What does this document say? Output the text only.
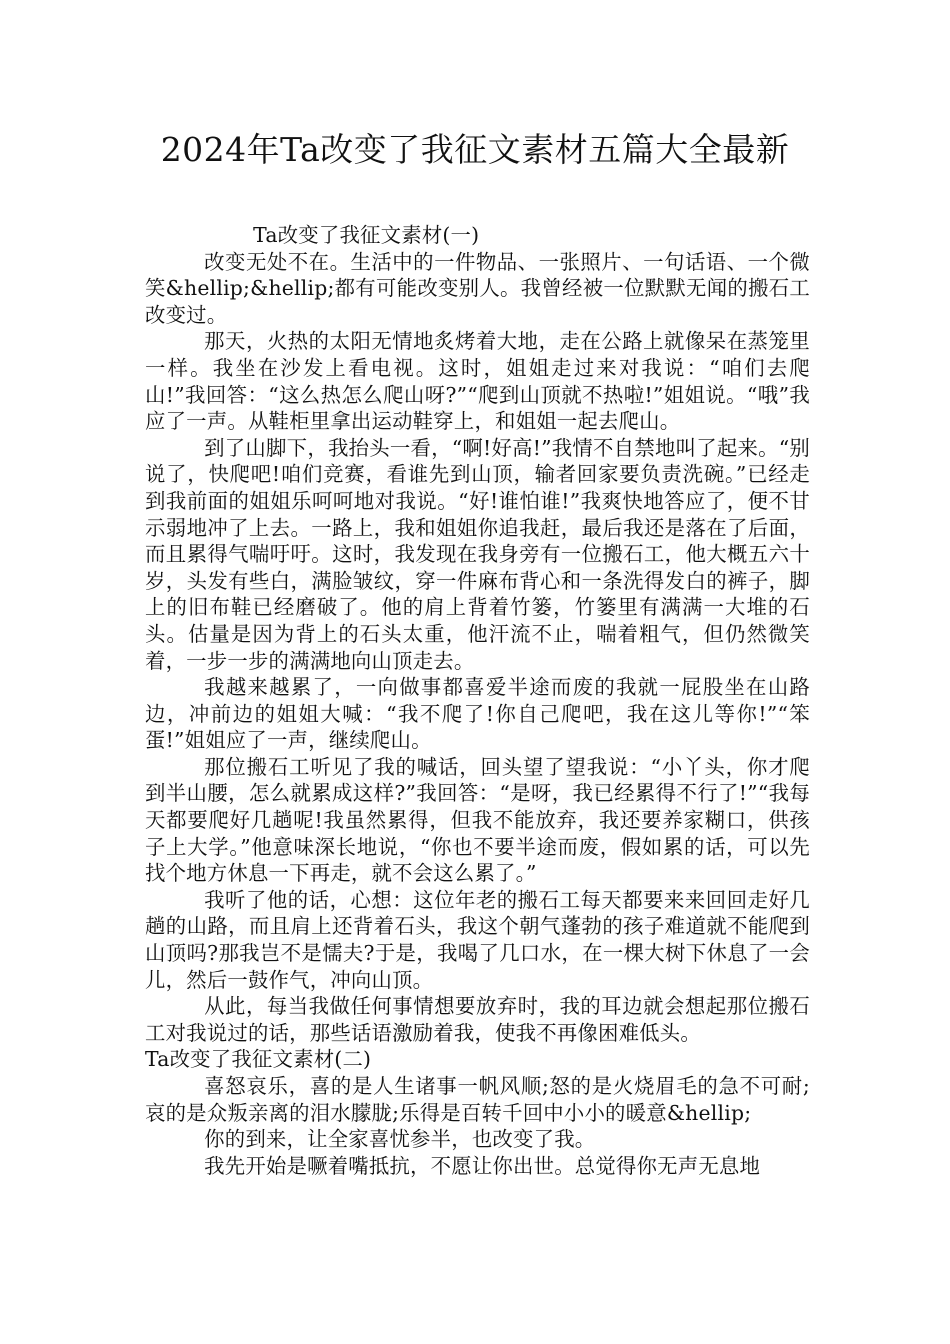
2024年Ta改变了我征文素材五篇大全最新

Ta改变了我征文素材(一)

改变无处不在。生活中的一件物品、一张照片、一句话语、一个微笑&hellip;&hellip;都有可能改变别人。我曾经被一位默默无闻的搬石工改变过。

那天，火热的太阳无情地炙烤着大地，走在公路上就像呆在蒸笼里一样。我坐在沙发上看电视。这时，姐姐走过来对我说：“咱们去爬山!”我回答：“这么热怎么爬山呀?”“爬到山顶就不热啦!”姐姐说。“哦”我应了一声。从鞋柜里拿出运动鞋穿上，和姐姐一起去爬山。

到了山脚下，我抬头一看，“啊!好高!”我情不自禁地叫了起来。“别说了，快爬吧!咱们竞赛，看谁先到山顶，输者回家要负责洗碗。”已经走到我前面的姐姐乐呵呵地对我说。“好!谁怕谁!”我爽快地答应了，便不甘示弱地冲了上去。一路上，我和姐姐你追我赶，最后我还是落在了后面，而且累得气喘吁吁。这时，我发现在我身旁有一位搬石工，他大概五六十岁，头发有些白，满脸皱纹，穿一件麻布背心和一条洗得发白的裤子，脚上的旧布鞋已经磨破了。他的肩上背着竹篓，竹篓里有满满一大堆的石头。估量是因为背上的石头太重，他汗流不止，喘着粗气，但仍然微笑着，一步一步的满满地向山顶走去。

我越来越累了，一向做事都喜爱半途而废的我就一屁股坐在山路边，冲前边的姐姐大喊：“我不爬了!你自己爬吧，我在这儿等你!”“笨蛋!”姐姐应了一声，继续爬山。

那位搬石工听见了我的喊话，回头望了望我说：“小丫头，你才爬到半山腰，怎么就累成这样?”我回答：“是呀，我已经累得不行了!”“我每天都要爬好几趟呢!我虽然累得，但我不能放弃，我还要养家糊口，供孩子上大学。”他意味深长地说，“你也不要半途而废，假如累的话，可以先找个地方休息一下再走，就不会这么累了。”

我听了他的话，心想：这位年老的搬石工每天都要来来回回走好几趟的山路，而且肩上还背着石头，我这个朝气蓬勃的孩子难道就不能爬到山顶吗?那我岂不是懦夫?于是，我喝了几口水，在一棵大树下休息了一会儿，然后一鼓作气，冲向山顶。

从此，每当我做任何事情想要放弃时，我的耳边就会想起那位搬石工对我说过的话，那些话语激励着我，使我不再像困难低头。

Ta改变了我征文素材(二)

喜怒哀乐，喜的是人生诸事一帆风顺;怒的是火烧眉毛的急不可耐;哀的是众叛亲离的泪水朦胧;乐得是百转千回中小小的暖意&hellip;

你的到来，让全家喜忧参半，也改变了我。

我先开始是噘着嘴抵抗，不愿让你出世。总觉得你无声无息地
